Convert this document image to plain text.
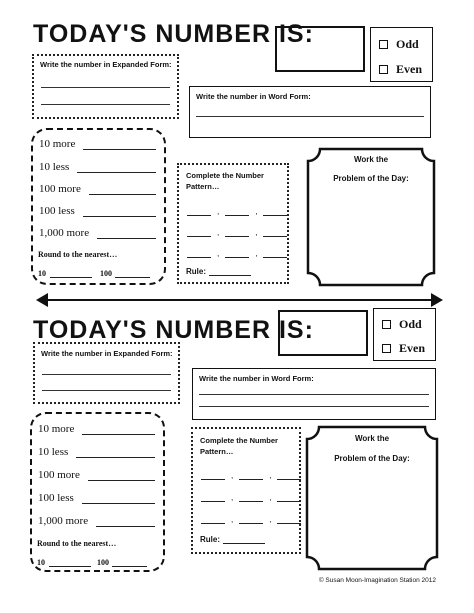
TODAY'S NUMBER IS:	Odd
Even
Write the number in Expanded Form:
Write the number in Word Form:
10 more
10 less
100 more
100 less
1,000 more
Round to the nearest…
10	100
Complete the Number
Pattern…
,	,
,	,
,	,
Rule:
Work the
Problem of the Day:
TODAY'S NUMBER IS:	Odd
Even
Write the number in Expanded Form:
Write the number in Word Form:
10 more
10 less
100 more
100 less
1,000 more
Round to the nearest…
10	100
Complete the Number
Pattern…
,	,
,	,
,	,
Rule:
Work the
Problem of the Day:
© Susan Moon-Imagination Station 2012
